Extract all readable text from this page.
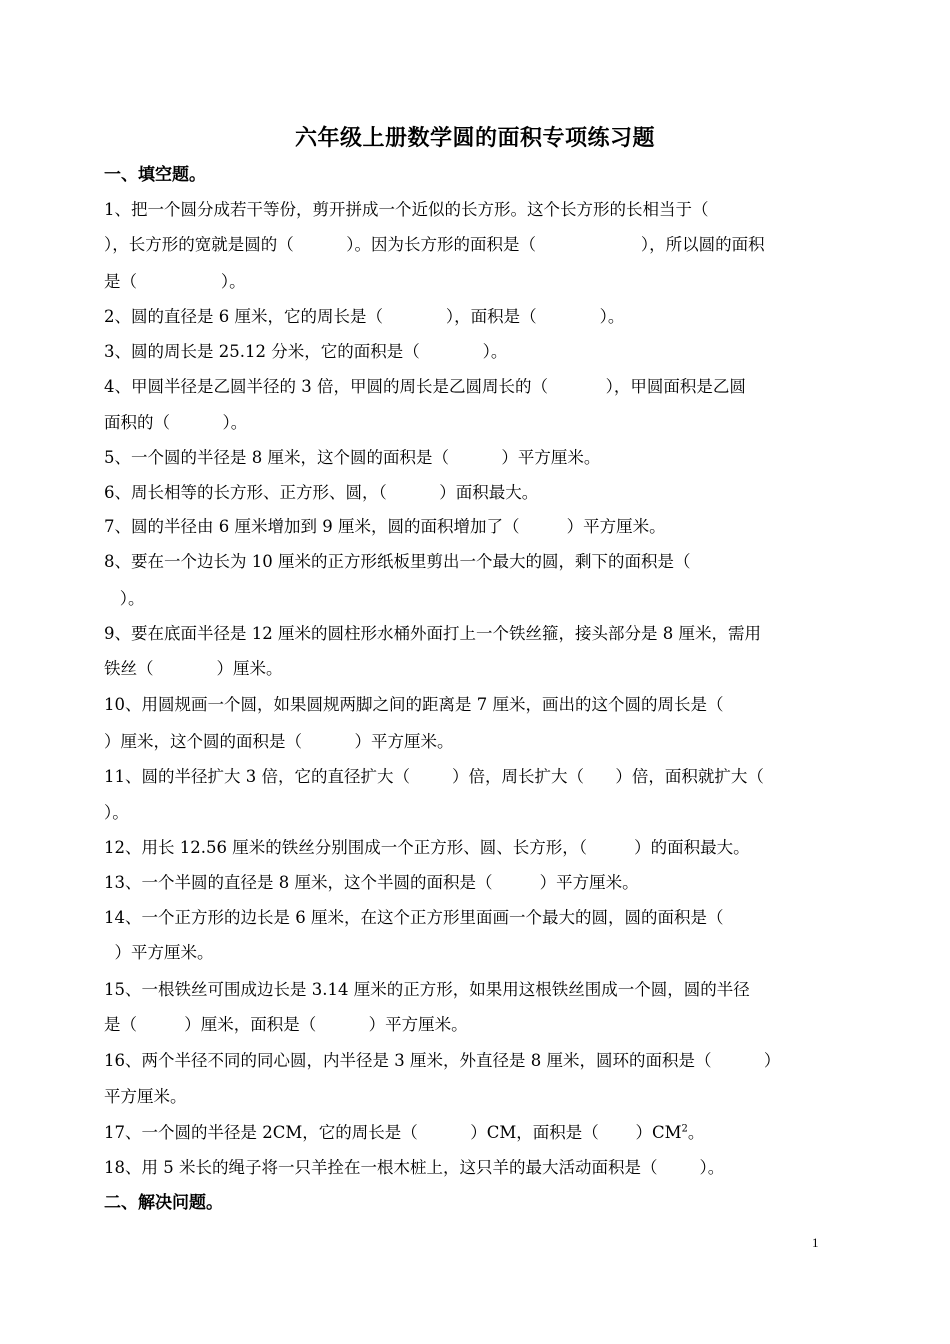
六年级上册数学圆的面积专项练习题
一、填空题。
1、把一个圆分成若干等份，剪开拼成一个近似的长方形。这个长方形的长相当于（
），长方形的宽就是圆的（          ）。因为长方形的面积是（                    ），所以圆的面积
是（                ）。
2、圆的直径是 6 厘米，它的周长是（            ），面积是（            ）。
3、圆的周长是 25.12 分米，它的面积是（            ）。
4、甲圆半径是乙圆半径的 3 倍，甲圆的周长是乙圆周长的（           ），甲圆面积是乙圆
面积的（          ）。
5、一个圆的半径是 8 厘米，这个圆的面积是（          ）平方厘米。
6、周长相等的长方形、正方形、圆，（          ）面积最大。
7、圆的半径由 6 厘米增加到 9 厘米，圆的面积增加了（         ）平方厘米。
8、要在一个边长为 10 厘米的正方形纸板里剪出一个最大的圆，剩下的面积是（
）。
9、要在底面半径是 12 厘米的圆柱形水桶外面打上一个铁丝箍，接头部分是 8 厘米，需用
铁丝（            ）厘米。
10、用圆规画一个圆，如果圆规两脚之间的距离是 7 厘米，画出的这个圆的周长是（
）厘米，这个圆的面积是（          ）平方厘米。
11、圆的半径扩大 3 倍，它的直径扩大（        ）倍，周长扩大（      ）倍，面积就扩大（
）。
12、用长 12.56 厘米的铁丝分别围成一个正方形、圆、长方形，（         ）的面积最大。
13、一个半圆的直径是 8 厘米，这个半圆的面积是（         ）平方厘米。
14、一个正方形的边长是 6 厘米，在这个正方形里面画一个最大的圆，圆的面积是（
）平方厘米。
15、一根铁丝可围成边长是 3.14 厘米的正方形，如果用这根铁丝围成一个圆，圆的半径
是（         ）厘米，面积是（          ）平方厘米。
16、两个半径不同的同心圆，内半径是 3 厘米，外直径是 8 厘米，圆环的面积是（          ）
平方厘米。
17、一个圆的半径是 2CM，它的周长是（          ）CM，面积是（       ）$CM^2$。
18、用 5 米长的绳子将一只羊拴在一根木桩上，这只羊的最大活动面积是（        ）。
二、解决问题。
1
